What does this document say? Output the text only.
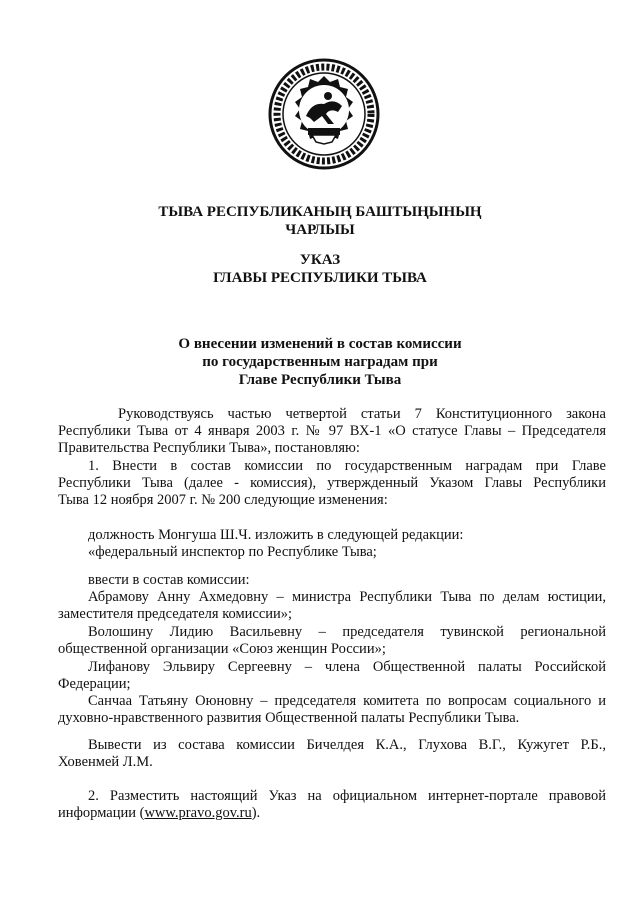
ТЫВА РЕСПУБЛИКАНЫҢ БАШТЫҢЫНЫҢ
ЧАРЛЫЫ
УКАЗ
ГЛАВЫ РЕСПУБЛИКИ ТЫВА
О внесении изменений в состав комиссии
по государственным наградам при
Главе Республики Тыва

Руководствуясь частью четвертой статьи 7 Конституционного закона

Республики Тыва от 4 января 2003 г. № 97 ВХ-1 «О статусе Главы – Председателя

Правительства Республики Тыва», постановляю:

1. Внести в состав комиссии по государственным наградам при Главе

Республики Тыва (далее - комиссия), утвержденный Указом Главы Республики

Тыва 12 ноября 2007 г. № 200 следующие изменения:

должность Монгуша Ш.Ч. изложить в следующей редакции:

«федеральный инспектор по Республике Тыва;

ввести в состав комиссии:

Абрамову Анну Ахмедовну – министра Республики Тыва по делам юстиции,

заместителя председателя комиссии»;

Волошину Лидию Васильевну – председателя тувинской региональной

общественной организации «Союз женщин России»;

Лифанову Эльвиру Сергеевну – члена Общественной палаты Российской

Федерации;

Санчаа Татьяну Оюновну – председателя комитета по вопросам социального и

духовно-нравственного развития Общественной палаты Республики Тыва.

Вывести из состава комиссии Бичелдея К.А., Глухова В.Г., Кужугет Р.Б.,

Ховенмей Л.М.

2. Разместить настоящий Указ на официальном интернет-портале правовой

информации (www.pravo.gov.ru).
